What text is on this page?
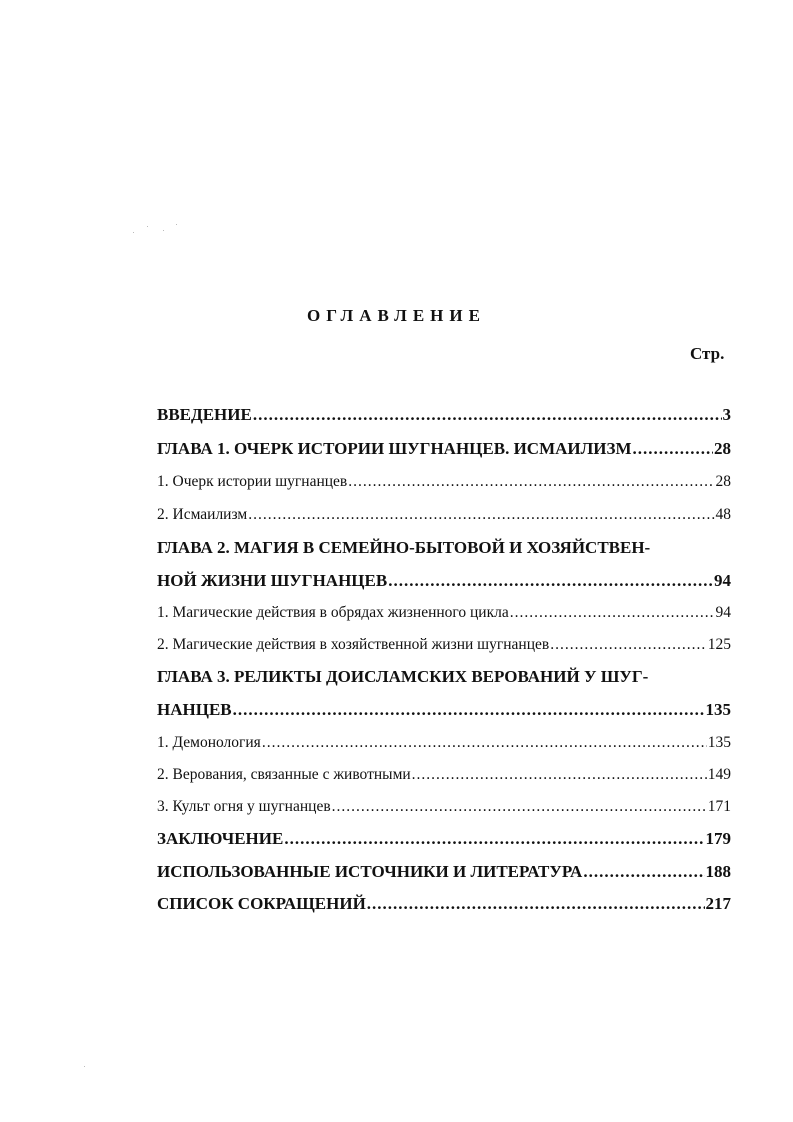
ОГЛАВЛЕНИЕ
Стр.
ВВЕДЕНИЕ .....	3
ГЛАВА 1. ОЧЕРК ИСТОРИИ ШУГНАНЦЕВ. ИСМАИЛИЗМ .....	28
1. Очерк истории шугнанцев .....	28
2. Исмаилизм .....	48
ГЛАВА 2. МАГИЯ В СЕМЕЙНО-БЫТОВОЙ И ХОЗЯЙСТВЕН-
НОЙ ЖИЗНИ ШУГНАНЦЕВ .....	94
1. Магические действия в обрядах жизненного цикла .....	94
2. Магические действия в хозяйственной жизни шугнанцев .....	125
ГЛАВА 3. РЕЛИКТЫ ДОИСЛАМСКИХ ВЕРОВАНИЙ У ШУГ-
НАНЦЕВ .....	135
1. Демонология .....	135
2. Верования, связанные с животными .....	149
3. Культ огня у шугнанцев .....	171
ЗАКЛЮЧЕНИЕ .....	179
ИСПОЛЬЗОВАННЫЕ ИСТОЧНИКИ И ЛИТЕРАТУРА .....	188
СПИСОК СОКРАЩЕНИЙ .....	217
